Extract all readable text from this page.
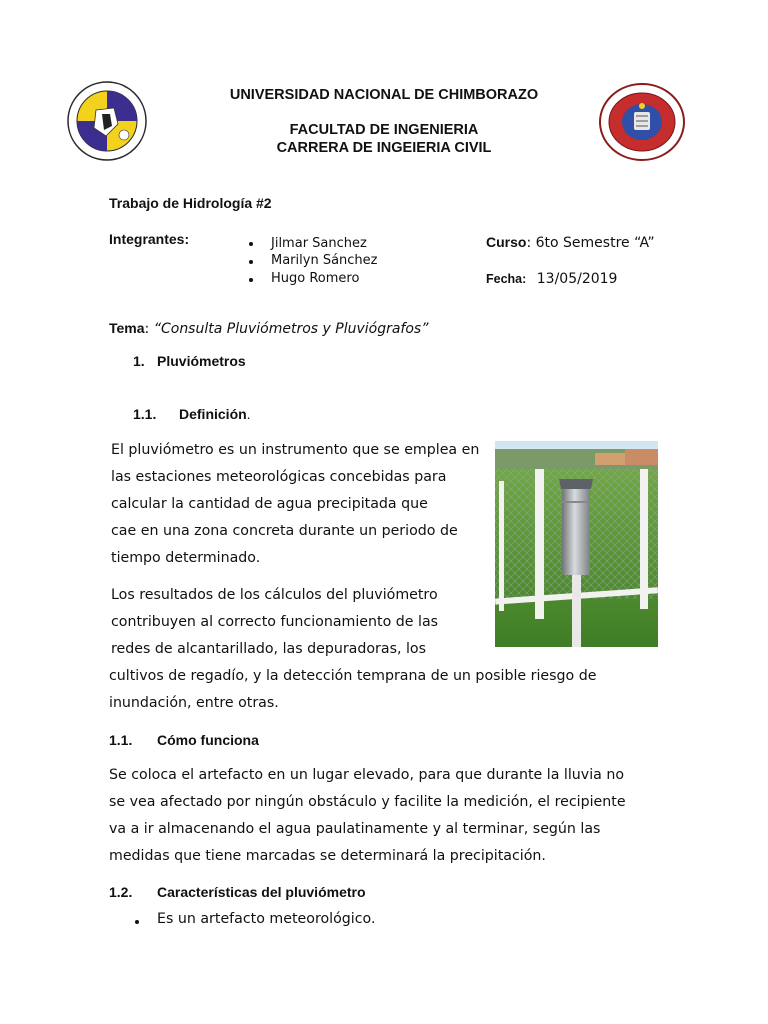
UNIVERSIDAD NACIONAL DE CHIMBORAZO
FACULTAD DE INGENIERIA
CARRERA DE INGEIERIA CIVIL
Trabajo de Hidrología #2
Integrantes:	Jilmar Sanchez
Marilyn Sánchez
Hugo Romero
Curso: 6to Semestre “A”
Fecha: 13/05/2019
Tema: “Consulta Pluviómetros y Pluviógrafos”
1. Pluviómetros
1.1. Definición.
El pluviómetro es un instrumento que se emplea en
las estaciones meteorológicas concebidas para
calcular la cantidad de agua precipitada que
cae en una zona concreta durante un periodo de
tiempo determinado.
Los resultados de los cálculos del pluviómetro
contribuyen al correcto funcionamiento de las
redes de alcantarillado, las depuradoras, los
cultivos de regadío, y la detección temprana de un posible riesgo de
inundación, entre otras.
1.1. Cómo funciona
Se coloca el artefacto en un lugar elevado, para que durante la lluvia no
se vea afectado por ningún obstáculo y facilite la medición, el recipiente
va a ir almacenando el agua paulatinamente y al terminar, según las
medidas que tiene marcadas se determinará la precipitación.
1.2. Características del pluviómetro
Es un artefacto meteorológico.
